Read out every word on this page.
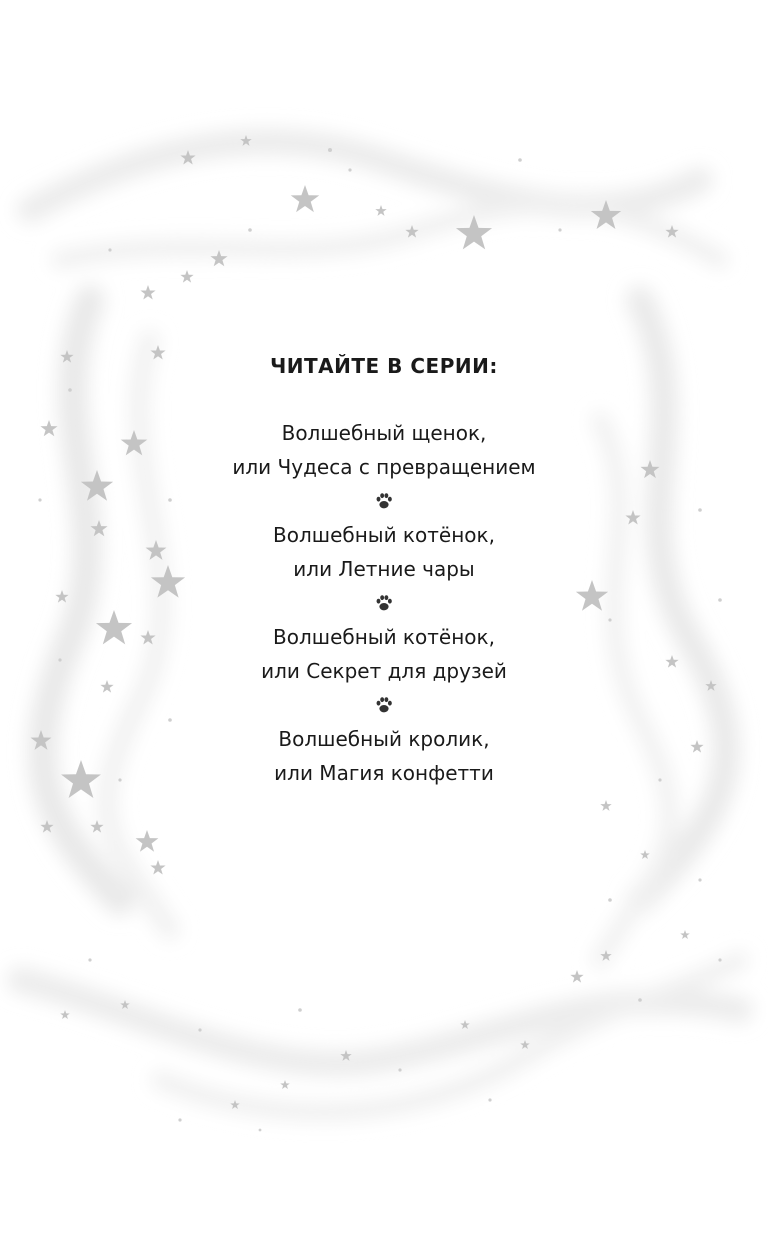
ЧИТАЙТЕ В СЕРИИ:

Волшебный щенок,
или Чудеса с превращением
Волшебный котёнок,
или Летние чары
Волшебный котёнок,
или Секрет для друзей
Волшебный кролик,
или Магия конфетти
